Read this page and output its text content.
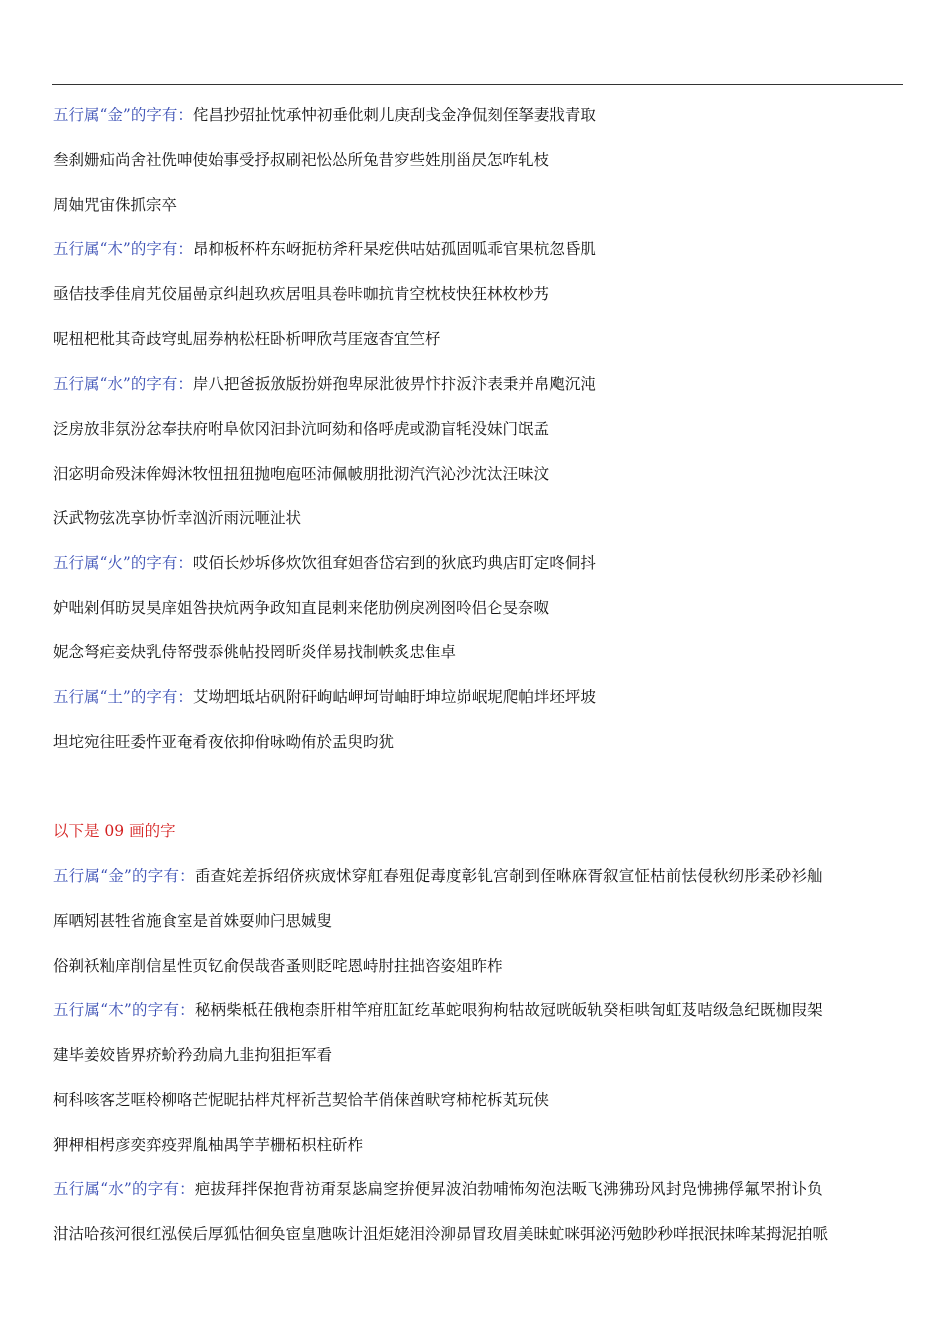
五行属“金”的字有：侘昌抄弨扯忱承忡初垂仳刺儿庚刮戋金净侃刻侄拏妻戕青取
叁刹姗疝尚舍社侁呻使始事受抒叔刷祀忪怂所兔昔穸些姓刖甾昃怎咋轧枝
周妯咒宙侏抓宗卒
五行属“木”的字有：昂枊板杯杵东岈扼枋斧秆杲疙供咕姑孤固呱乖官果杭忽昏肌
亟佶技季佳肩艽佼届喦京纠赳玖疚居咀具卷咔咖抗肯空枕枝快狂林枚杪艿
呢杻杷枇其奇歧穹虬屈券枘松枉卧析呷欣芎厓宼杳宜竺杍
五行属“水”的字有：岸八把爸扳攽版扮姘孢卑尿沘彼畀忭抃汳汴表秉并帛飑沉沌
泛房放非氛汾忿奉扶府咐阜佽冈汩卦沆呵劾和佫呼虎或泐盲牦没妹门氓孟
汨宓明命殁沫侔姆沐牧忸扭狃抛咆庖呸沛佩帔朋批沏汽汽沁沙沈汰汪味汶
沃武物弦冼享协忻幸汹沂雨沅咂沚状
五行属“火”的字有：哎佰长炒坼侈炊饮徂耷妲沓岱宕到的狄底玓典店盯定咚侗抖
妒咄剁佴昉炅昊庠姐咎抉炕两争政知直昆剌来佬肋例戾冽囹呤侣仑旻奈呶
妮念弩疟妾炔乳侍帑弢忝佻帖投罔昕炎佯易找制帙炙忠隹卓
五行属“土”的字有：艾坳垇坻坫矾附矸岣岵岬坷岢岫盱坤垃峁岷坭爬帕坢坯坪坡
坦坨宛往旺委忤亚奄肴夜依抑佾咏呦侑於盂臾昀犹
以下是 09 画的字
五行属“金”的字有：臿查姹差拆绍侪疢宬怵穿舡春殂促毒度彰钆宫剞到侄咻庥胥叙宣怔枯前怯侵秋纫彤柔砂衫舢
厍哂矧甚牲省施食室是首姝耍帅闩思娍叟
俗剃袄籼庠削信星性页钇俞俣哉沓蚤则眨咤恩峙肘拄拙咨姿俎昨柞
五行属“木”的字有：秘柄柴柢茌俄枹柰肝柑竿疳肛缸纥革蛇哏狗枸牯故冠咣皈轨癸柜哄訇虹芨咭级急纪既枷叚架
建毕姜姣皆界疥蚧矜劲扃九韭拘狙拒军看
柯科咳客芝哐柃柳咯芒怩昵拈柈芃枰祈芑契恰芊俏俫酋畎穹柿柁柝芄玩侠
狎柙相枵彦奕弈疫羿胤柚禺竽芋栅柘枳柱斫柞
五行属“水”的字有：疤拔拜拌保抱背祊甭泵毖扁窆拚便昇波泊勃哺怖匆泡法畈飞沸狒玢风封凫怫拂俘氟罘拊讣负
泔沽哈孩河很红泓侯后厚狐怙徊奂宦皇虺咴计沮炬姥泪泠泖昴冒玫眉美昧虻咪弭泌沔勉眇秒咩抿泯抹哞某拇泥拍哌
